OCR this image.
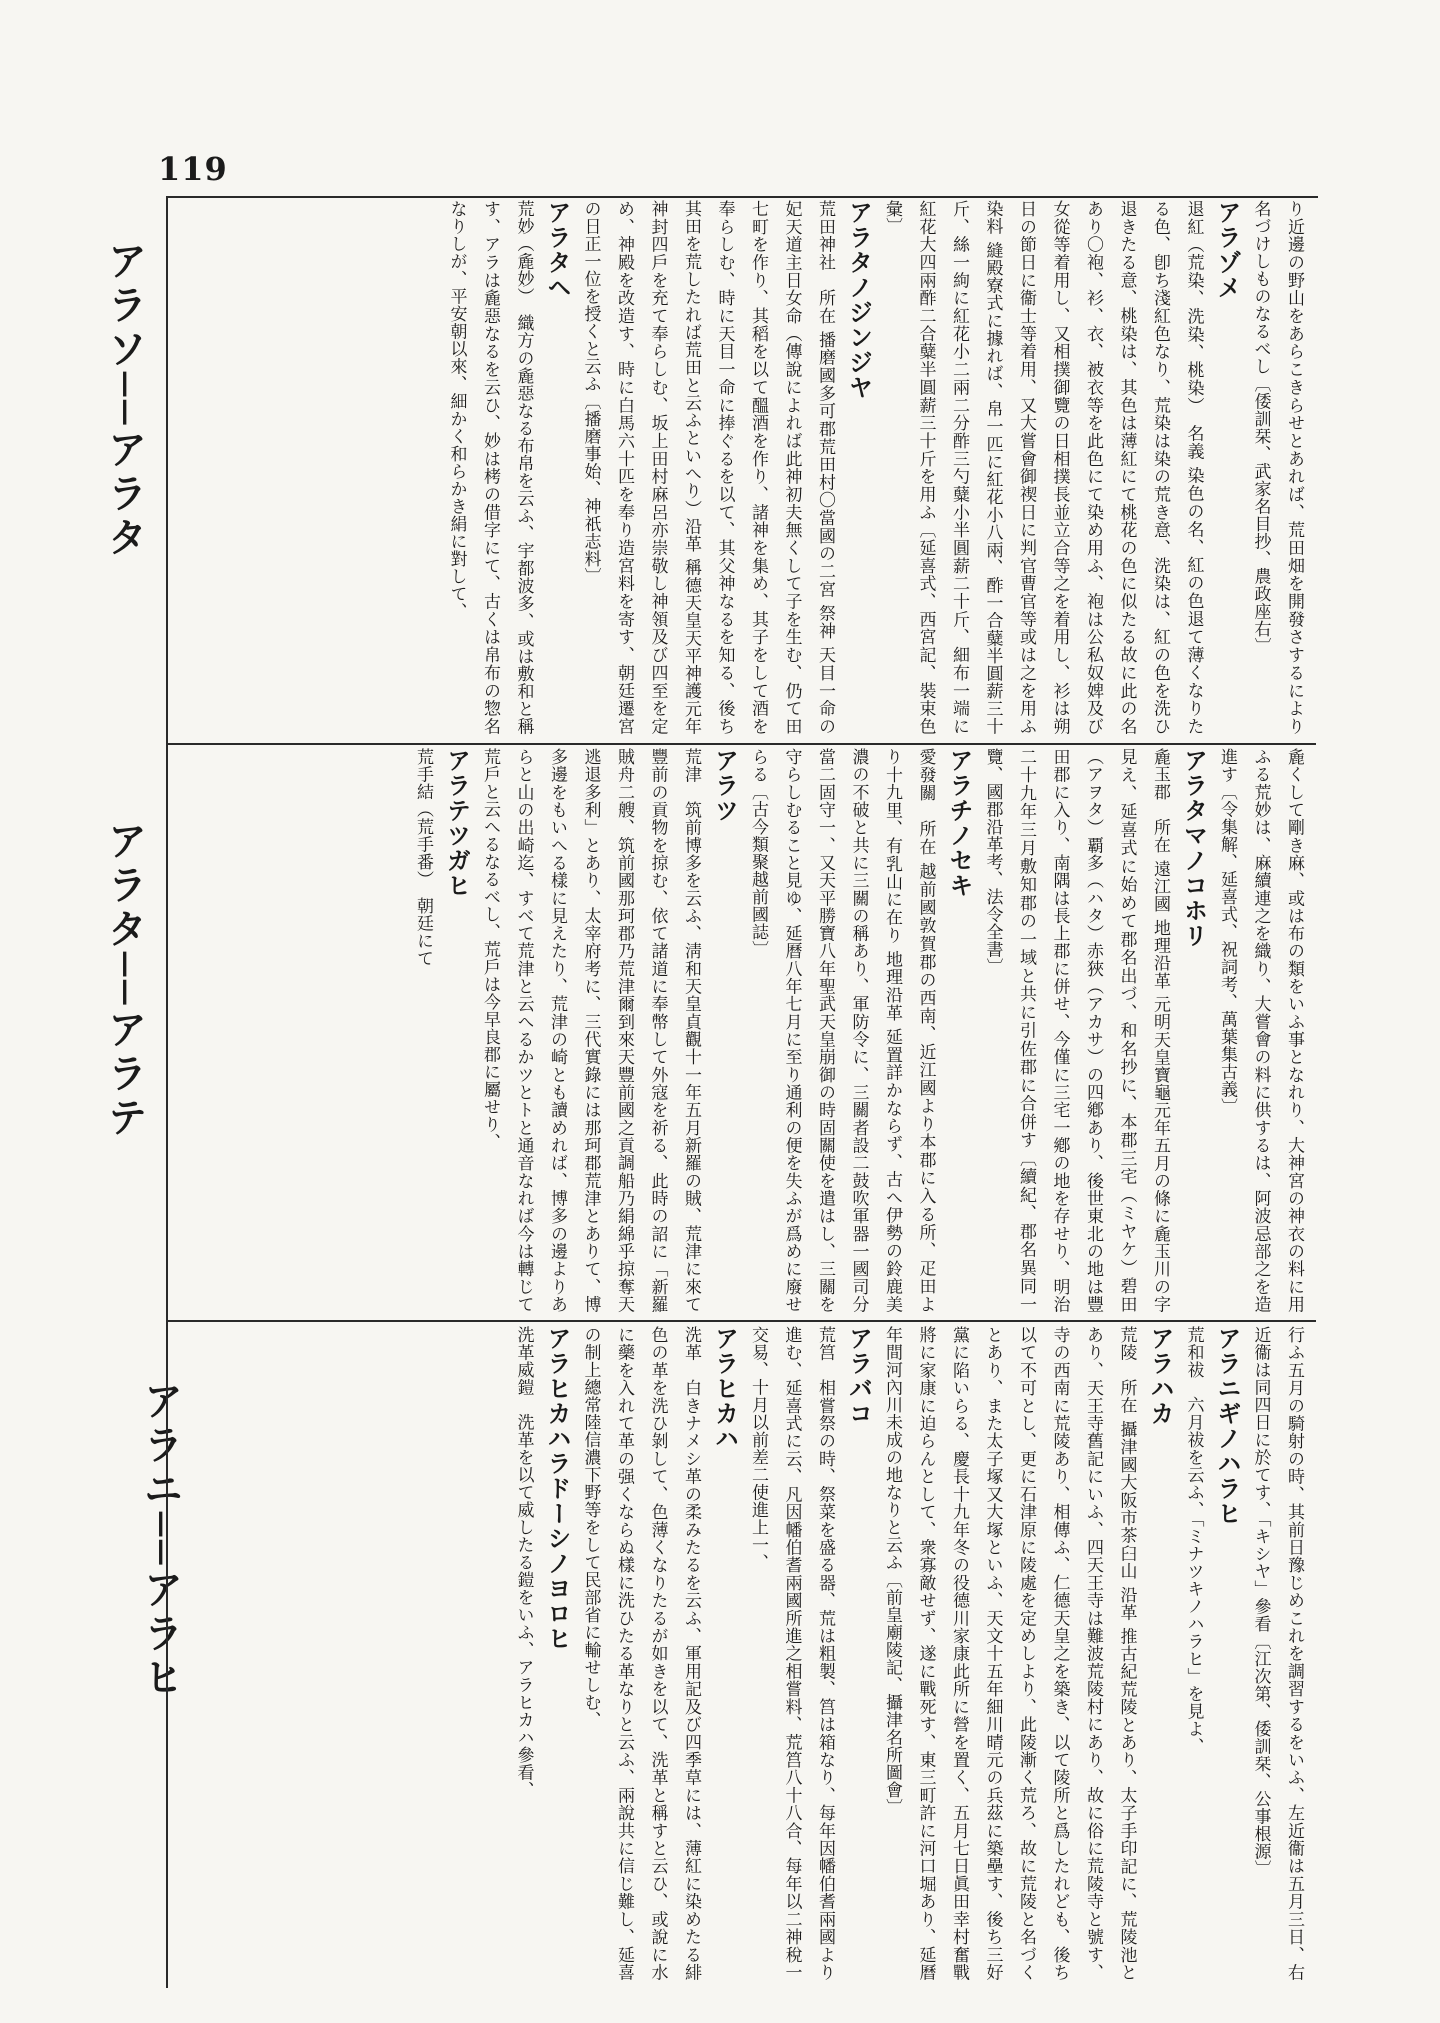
119
アラソ──アラタ
アラタ──アラテ
アラニ──アラヒ
り近邊の野山をあらこきらせとあれば、荒田畑を開發さするにより名づけしものなるべし〔倭訓栞、武家名目抄、農政座右〕
アラゾメ
退紅（荒染、洗染、桃染）　名義 染色の名、紅の色退て薄くなりたる色、卽ち淺紅色なり、荒染は染の荒き意、洗染は、紅の色を洗ひ退きたる意、桃染は、其色は薄紅にて桃花の色に似たる故に此の名あり〇袍、衫、衣、被衣等を此色にて染め用ふ、袍は公私奴婢及び女從等着用し、又相撲御覽の日相撲長並立合等之を着用し、衫は朔日の節日に衞士等着用、又大嘗會御禊日に判官曹官等或は之を用ふ 染料 縫殿寮式に據れば、帛一匹に紅花小八兩、酢一合糵半圓薪三十斤、絲一絇に紅花小二兩二分酢三勺糵小半圓薪二十斤、細布一端に紅花大四兩酢二合糵半圓薪三十斤を用ふ〔延喜式、西宮記、裝束色彙〕
アラタノジンジヤ
荒田神社　所在 播磨國多可郡荒田村〇當國の二宮 祭神 天目一命の妃天道主日女命（傳說によれば此神初夫無くして子を生む、仍て田七町を作り、其稻を以て醞酒を作り、諸神を集め、其子をして酒を奉らしむ、時に天目一命に捧ぐるを以て、其父神なるを知る、後ち其田を荒したれば荒田と云ふといへり）沿革 稱德天皇天平神護元年神封四戶を充て奉らしむ、坂上田村麻呂亦崇敬し神領及び四至を定め、神殿を改造す、時に白馬六十匹を奉り造宮料を寄す、朝廷遷宮の日正一位を授くと云ふ〔播磨事始、神祇志料〕
アラタヘ
荒妙（麁妙）　織方の麁惡なる布帛を云ふ、宇都波多、或は敷和と稱す、アラは麁惡なるを云ひ、妙は栲の借字にて、古くは帛布の惣名なりしが、平安朝以來、細かく和らかき絹に對して、
麁くして剛き麻、或は布の類をいふ事となれり、大神宮の神衣の料に用ふる荒妙は、麻續連之を織り、大嘗會の料に供するは、阿波忌部之を造進す〔令集解、延喜式、祝詞考、萬葉集古義〕
アラタマノコホリ
麁玉郡　所在 遠江國 地理沿革 元明天皇寶龜元年五月の條に麁玉川の字見え、延喜式に始めて郡名出づ、和名抄に、本郡三宅（ミヤケ）碧田（アヲタ）覇多（ハタ）赤狹（アカサ）の四鄕あり、後世東北の地は豐田郡に入り、南隅は長上郡に併せ、今僅に三宅一鄕の地を存せり、明治二十九年三月敷知郡の一域と共に引佐郡に合併す〔續紀、郡名異同一覽、國郡沿革考、法令全書〕
アラチノセキ
愛發關　所在 越前國敦賀郡の西南、近江國より本郡に入る所、疋田より十九里、有乳山に在り 地理沿革 延置詳かならず、古へ伊勢の鈴鹿美濃の不破と共に三關の稱あり、軍防令に、三關者設二鼓吹軍器一國司分當二固守一、又天平勝寶八年聖武天皇崩御の時固關使を遣はし、三關を守らしむること見ゆ、延曆八年七月に至り通利の便を失ふが爲めに廢せらる〔古今類聚越前國誌〕
アラツ
荒津　筑前博多を云ふ、淸和天皇貞觀十一年五月新羅の賊、荒津に來て豐前の貢物を掠む、依て諸道に奉幣して外寇を祈る、此時の詔に「新羅賊舟二艘、筑前國那珂郡乃荒津爾到來天豐前國之貢調船乃絹綿乎掠奪天逃退多利」とあり、太宰府考に、三代實錄には那珂郡荒津とありて、博多邊をもいへる樣に見えたり、荒津の崎とも讀めれば、博多の邊よりあらと山の出崎迄、すべて荒津と云へるかツとトと通音なれば今は轉じて荒戶と云へるなるべし、荒戶は今早良郡に屬せり、
アラテツガヒ
荒手結（荒手番）　朝廷にて
行ふ五月の騎射の時、其前日豫じめこれを調習するをいふ、左近衞は五月三日、右近衞は同四日に於てす、「キシヤ」參看〔江次第、倭訓栞、公事根源〕
アラニギノハラヒ
荒和祓　六月祓を云ふ、「ミナツキノハラヒ」を見よ、
アラハカ
荒陵　所在 攝津國大阪市茶臼山 沿革 推古紀荒陵とあり、太子手印記に、荒陵池とあり、天王寺舊記にいふ、四天王寺は難波荒陵村にあり、故に俗に荒陵寺と號す、寺の西南に荒陵あり、相傳ふ、仁德天皇之を築き、以て陵所と爲したれども、後ち以て不可とし、更に石津原に陵處を定めしより、此陵漸く荒ろ、故に荒陵と名づくとあり、また太子塚又大塚といふ、天文十五年細川晴元の兵茲に築壘す、後ち三好黨に陷いらる、慶長十九年冬の役德川家康此所に營を置く、五月七日眞田幸村奮戰將に家康に迫らんとして、衆寡敵せず、遂に戰死す、東三町許に河口堀あり、延曆年間河內川未成の地なりと云ふ〔前皇廟陵記、攝津名所圖會〕
アラバコ
荒筥　相嘗祭の時、祭菜を盛る器、荒は粗製、筥は箱なり、每年因幡伯耆兩國より進む、延喜式に云、凡因幡伯耆兩國所進之相嘗料、荒筥八十八合、每年以二神稅一交易、十月以前差二使進上一、
アラヒカハ
洗革　白きナメシ革の柔みたるを云ふ、軍用記及び四季草には、薄紅に染めたる緋色の革を洗ひ剝して、色薄くなりたるが如きを以て、洗革と稱すと云ひ、或說に水に藥を入れて革の强くならぬ樣に洗ひたる革なりと云ふ、兩說共に信じ難し、延喜の制上總常陸信濃下野等をして民部省に輸せしむ、
アラヒカハラドーシノヨロヒ
洗革威鎧　洗革を以て威したる鎧をいふ、アラヒカハ參看、
